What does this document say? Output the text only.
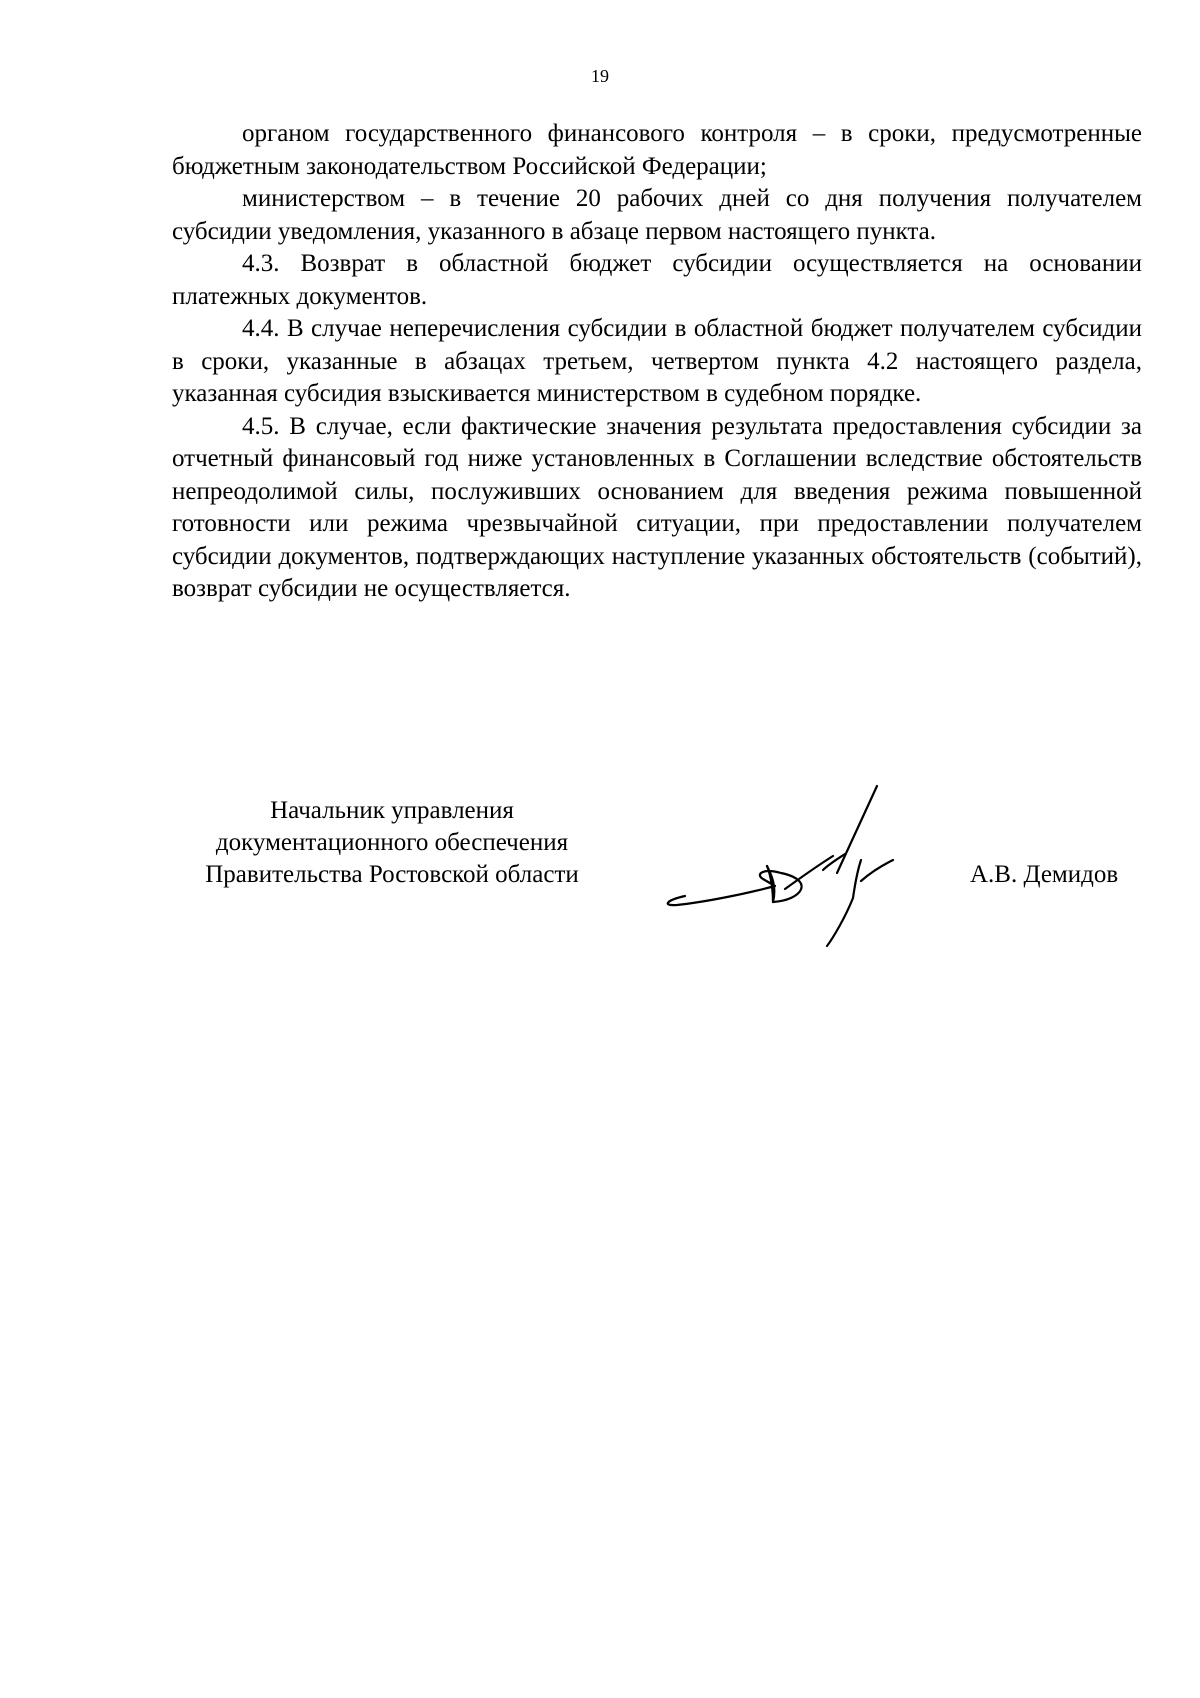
19

органом государственного финансового контроля – в сроки, предусмотренные бюджетным законодательством Российской Федерации;

министерством – в течение 20 рабочих дней со дня получения получателем субсидии уведомления, указанного в абзаце первом настоящего пункта.

4.3. Возврат в областной бюджет субсидии осуществляется на основании платежных документов.

4.4. В случае неперечисления субсидии в областной бюджет получателем субсидии в сроки, указанные в абзацах третьем, четвертом пункта 4.2 настоящего раздела, указанная субсидия взыскивается министерством в судебном порядке.

4.5. В случае, если фактические значения результата предоставления субсидии за отчетный финансовый год ниже установленных в Соглашении вследствие обстоятельств непреодолимой силы, послуживших основанием для введения режима повышенной готовности или режима чрезвычайной ситуации, при предоставлении получателем субсидии документов, подтверждающих наступление указанных обстоятельств (событий), возврат субсидии не осуществляется.

Начальник управления
документационного обеспечения
Правительства Ростовской области	А.В. Демидов
